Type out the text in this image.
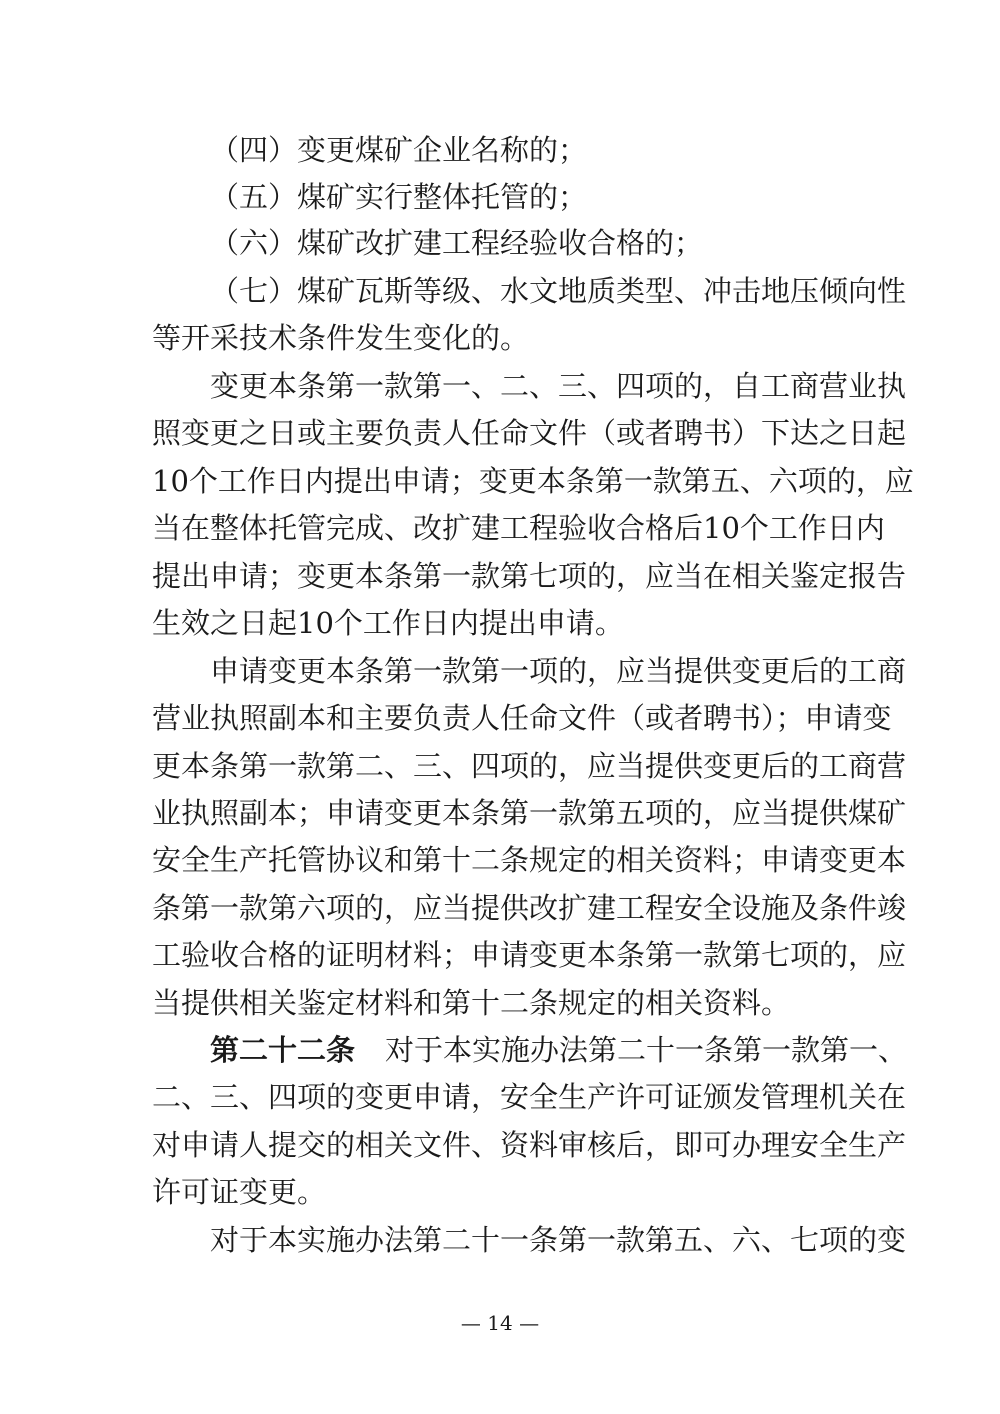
（四）变更煤矿企业名称的；
（五）煤矿实行整体托管的；
（六）煤矿改扩建工程经验收合格的；
（七）煤矿瓦斯等级、水文地质类型、冲击地压倾向性
等开采技术条件发生变化的。
变更本条第一款第一、二、三、四项的，自工商营业执
照变更之日或主要负责人任命文件（或者聘书）下达之日起
10个工作日内提出申请；变更本条第一款第五、六项的，应
当在整体托管完成、改扩建工程验收合格后10个工作日内
提出申请；变更本条第一款第七项的，应当在相关鉴定报告
生效之日起10个工作日内提出申请。
申请变更本条第一款第一项的，应当提供变更后的工商
营业执照副本和主要负责人任命文件（或者聘书）；申请变
更本条第一款第二、三、四项的，应当提供变更后的工商营
业执照副本；申请变更本条第一款第五项的，应当提供煤矿
安全生产托管协议和第十二条规定的相关资料；申请变更本
条第一款第六项的，应当提供改扩建工程安全设施及条件竣
工验收合格的证明材料；申请变更本条第一款第七项的，应
当提供相关鉴定材料和第十二条规定的相关资料。
第二十二条 对于本实施办法第二十一条第一款第一、
二、三、四项的变更申请，安全生产许可证颁发管理机关在
对申请人提交的相关文件、资料审核后，即可办理安全生产
许可证变更。
对于本实施办法第二十一条第一款第五、六、七项的变
— 14 —
